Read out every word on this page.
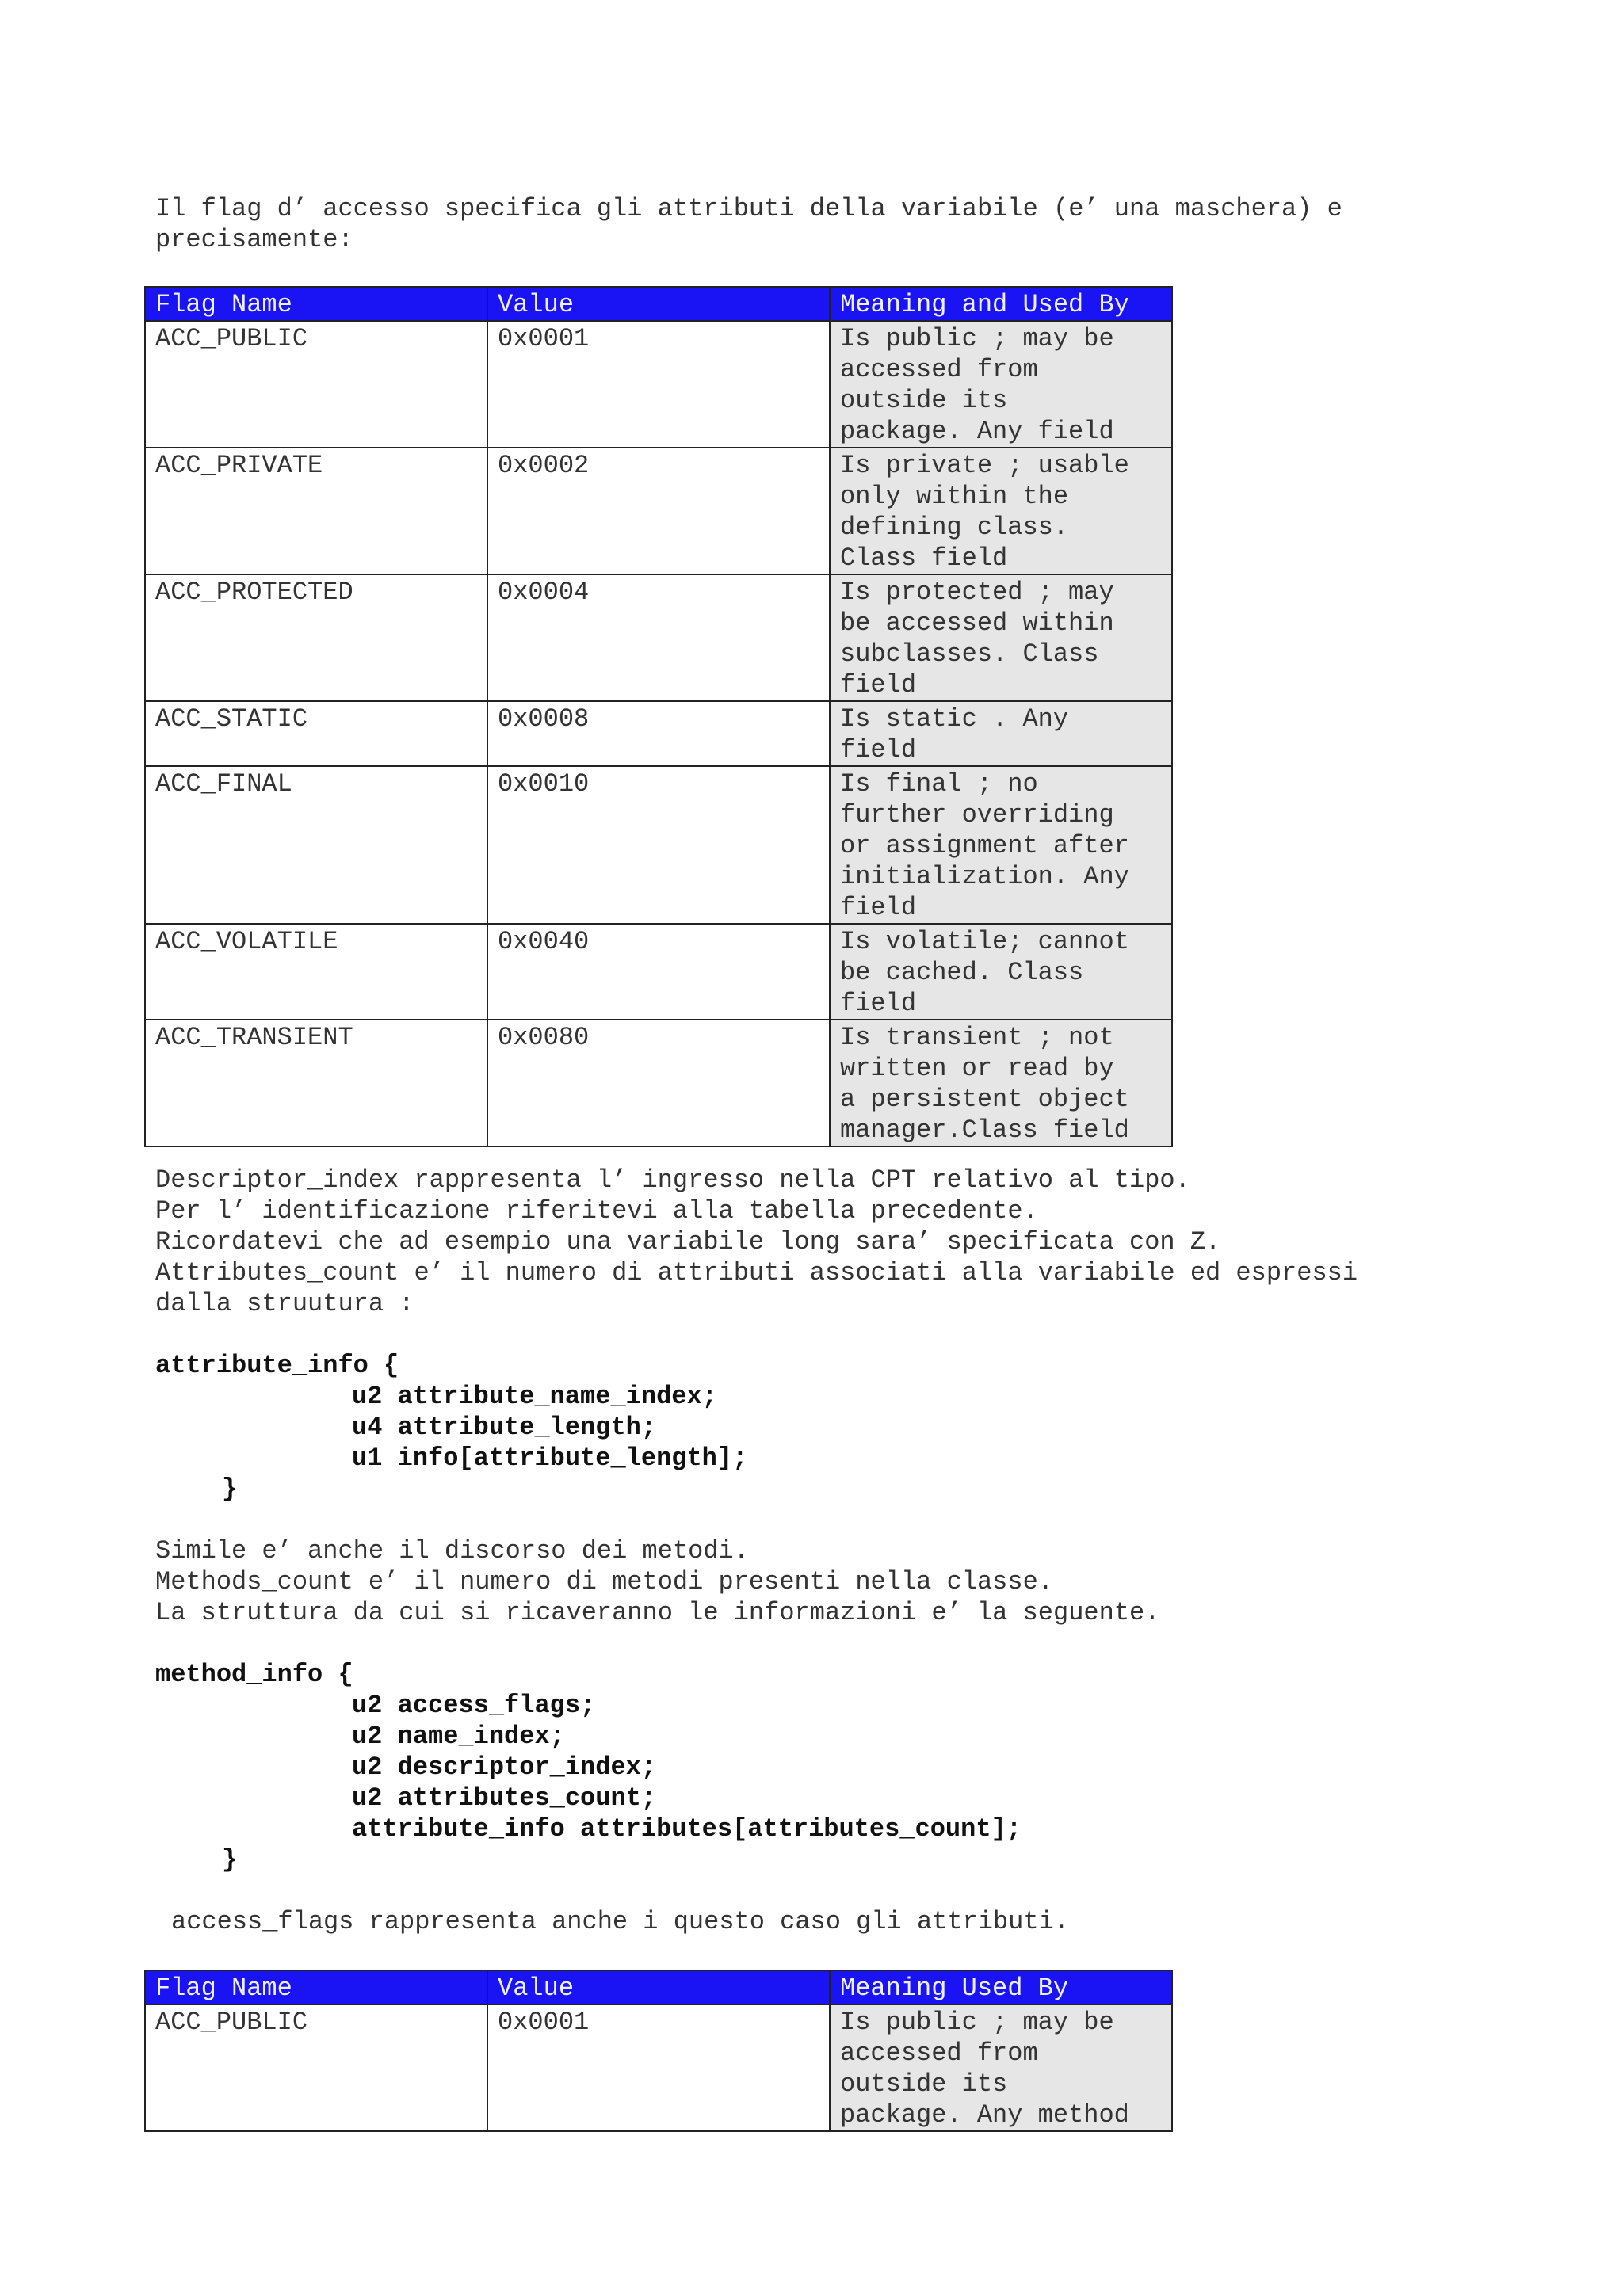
Il flag d’ accesso specifica gli attributi della variabile (e’ una maschera) e

precisamente:

Flag Name	Value	Meaning and Used By
ACC_PUBLIC	0x0001	Is public ; may be
accessed from
outside its
package. Any field
ACC_PRIVATE	0x0002	Is private ; usable
only within the
defining class.
Class field
ACC_PROTECTED	0x0004	Is protected ; may
be accessed within
subclasses. Class
field
ACC_STATIC	0x0008	Is static . Any
field
ACC_FINAL	0x0010	Is final ; no
further overriding
or assignment after
initialization. Any
field
ACC_VOLATILE	0x0040	Is volatile; cannot
be cached. Class
field
ACC_TRANSIENT	0x0080	Is transient ; not
written or read by
a persistent object
manager.Class field

Descriptor_index rappresenta l’ ingresso nella CPT relativo al tipo.

Per l’ identificazione riferitevi alla tabella precedente.

Ricordatevi che ad esempio una variabile long sara’ specificata con Z.

Attributes_count e’ il numero di attributi associati alla variabile ed espressi

dalla struutura :

attribute_info {
u2 attribute_name_index;
u4 attribute_length;
u1 info[attribute_length];
}

Simile e’ anche il discorso dei metodi.

Methods_count e’ il numero di metodi presenti nella classe.

La struttura da cui si ricaveranno le informazioni e’ la seguente.

method_info {
u2 access_flags;
u2 name_index;
u2 descriptor_index;
u2 attributes_count;
attribute_info attributes[attributes_count];
}

access_flags rappresenta anche i questo caso gli attributi.

Flag Name	Value	Meaning Used By
ACC_PUBLIC	0x0001	Is public ; may be
accessed from
outside its
package. Any method
